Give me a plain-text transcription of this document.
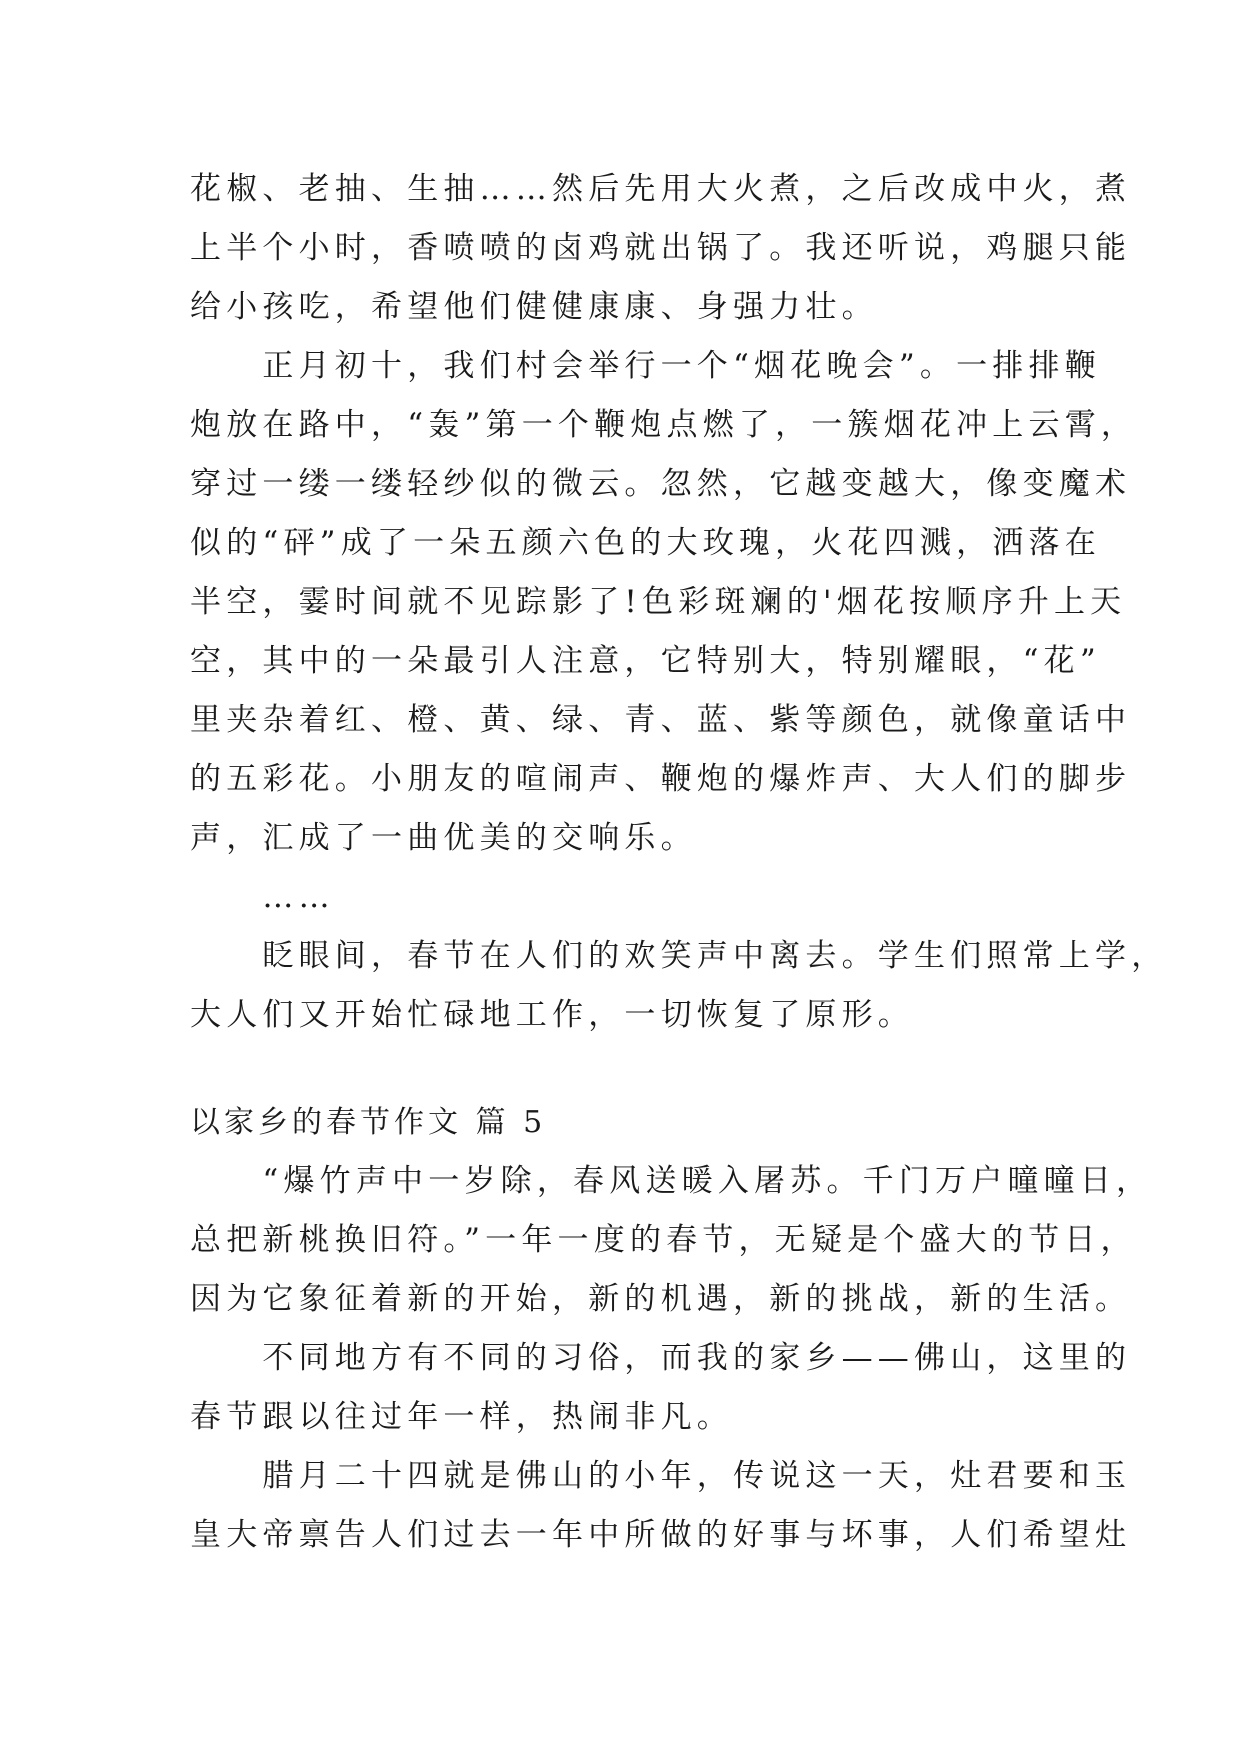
花椒、老抽、生抽……然后先用大火煮，之后改成中火，煮
上半个小时，香喷喷的卤鸡就出锅了。我还听说，鸡腿只能
给小孩吃，希望他们健健康康、身强力壮。
　　正月初十，我们村会举行一个“烟花晚会”。一排排鞭
炮放在路中，“轰”第一个鞭炮点燃了，一簇烟花冲上云霄，
穿过一缕一缕轻纱似的微云。忽然，它越变越大，像变魔术
似的“砰”成了一朵五颜六色的大玫瑰，火花四溅，洒落在
半空，霎时间就不见踪影了!色彩斑斓的'烟花按顺序升上天
空，其中的一朵最引人注意，它特别大，特别耀眼，“花”
里夹杂着红、橙、黄、绿、青、蓝、紫等颜色，就像童话中
的五彩花。小朋友的喧闹声、鞭炮的爆炸声、大人们的脚步
声，汇成了一曲优美的交响乐。
　　……
　　眨眼间，春节在人们的欢笑声中离去。学生们照常上学，
大人们又开始忙碌地工作，一切恢复了原形。
以家乡的春节作文 篇 5
　　“爆竹声中一岁除，春风送暖入屠苏。千门万户曈曈日，
总把新桃换旧符。”一年一度的春节，无疑是个盛大的节日，
因为它象征着新的开始，新的机遇，新的挑战，新的生活。
　　不同地方有不同的习俗，而我的家乡——佛山，这里的
春节跟以往过年一样，热闹非凡。
　　腊月二十四就是佛山的小年，传说这一天，灶君要和玉
皇大帝禀告人们过去一年中所做的好事与坏事，人们希望灶
